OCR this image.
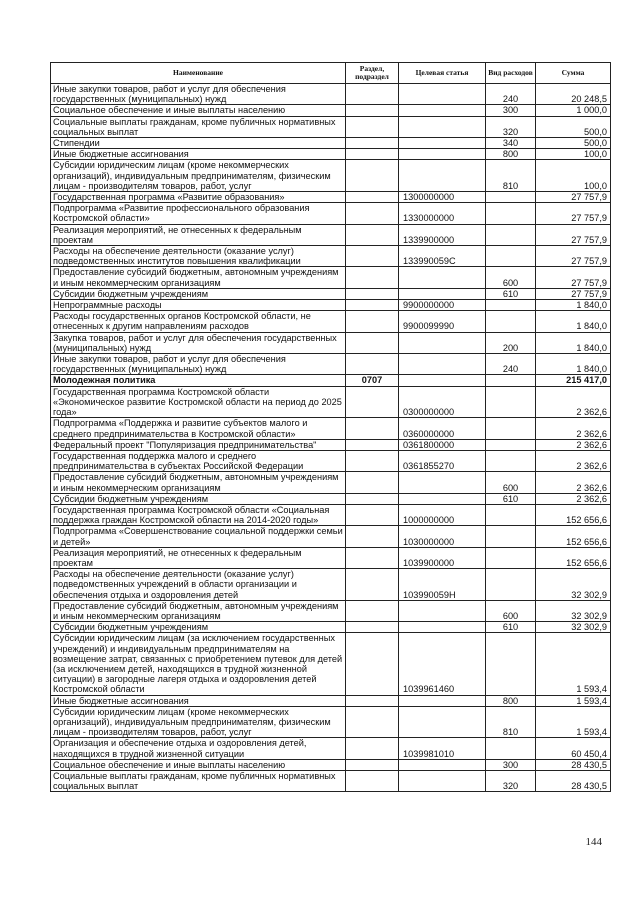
Наименование	Раздел, подраздел	Целевая статья	Вид расходов	Сумма
Иные закупки товаров, работ и услуг для обеспечения государственных (муниципальных) нужд			240	20 248,5
Социальное обеспечение и иные выплаты населению			300	1 000,0
Социальные выплаты гражданам, кроме публичных нормативных социальных выплат			320	500,0
Стипендии			340	500,0
Иные бюджетные ассигнования			800	100,0
Субсидии юридическим лицам (кроме некоммерческих организаций), индивидуальным предпринимателям, физическим лицам - производителям товаров, работ, услуг			810	100,0
Государственная программа «Развитие образования»		1300000000		27 757,9
Подпрограмма «Развитие профессионального образования Костромской области»		1330000000		27 757,9
Реализация мероприятий, не отнесенных к федеральным проектам		1339900000		27 757,9
Расходы на обеспечение деятельности (оказание услуг) подведомственных институтов повышения квалификации		133990059С		27 757,9
Предоставление субсидий бюджетным, автономным учреждениям и иным некоммерческим организациям			600	27 757,9
Субсидии бюджетным учреждениям			610	27 757,9
Непрограммные расходы		9900000000		1 840,0
Расходы государственных органов Костромской области, не отнесенных к другим направлениям расходов		9900099990		1 840,0
Закупка товаров, работ и услуг для обеспечения государственных (муниципальных) нужд			200	1 840,0
Иные закупки товаров, работ и услуг для обеспечения государственных (муниципальных) нужд			240	1 840,0
Молодежная политика	0707			215 417,0
Государственная программа Костромской области «Экономическое развитие Костромской области на период до 2025 года»		0300000000		2 362,6
Подпрограмма «Поддержка и развитие субъектов малого и среднего предпринимательства в Костромской области»		0360000000		2 362,6
Федеральный проект "Популяризация предпринимательства"		0361800000		2 362,6
Государственная поддержка малого и среднего предпринимательства в субъектах Российской Федерации		0361855270		2 362,6
Предоставление субсидий бюджетным, автономным учреждениям и иным некоммерческим организациям			600	2 362,6
Субсидии бюджетным учреждениям			610	2 362,6
Государственная программа Костромской области «Социальная поддержка граждан Костромской области на 2014-2020 годы»		1000000000		152 656,6
Подпрограмма «Совершенствование социальной поддержки семьи и детей»		1030000000		152 656,6
Реализация мероприятий, не отнесенных к федеральным проектам		1039900000		152 656,6
Расходы на обеспечение деятельности (оказание услуг) подведомственных учреждений в области организации и обеспечения отдыха и оздоровления детей		103990059Н		32 302,9
Предоставление субсидий бюджетным, автономным учреждениям и иным некоммерческим организациям			600	32 302,9
Субсидии бюджетным учреждениям			610	32 302,9
Субсидии юридическим лицам (за исключением государственных учреждений) и индивидуальным предпринимателям на возмещение затрат, связанных с приобретением путевок для детей (за исключением детей, находящихся в трудной жизненной ситуации) в загородные лагеря отдыха и оздоровления детей Костромской области		1039961460		1 593,4
Иные бюджетные ассигнования			800	1 593,4
Субсидии юридическим лицам (кроме некоммерческих организаций), индивидуальным предпринимателям, физическим лицам - производителям товаров, работ, услуг			810	1 593,4
Организация и обеспечение отдыха и оздоровления детей, находящихся в трудной жизненной ситуации		1039981010		60 450,4
Социальное обеспечение и иные выплаты населению			300	28 430,5
Социальные выплаты гражданам, кроме публичных нормативных социальных выплат			320	28 430,5
144
